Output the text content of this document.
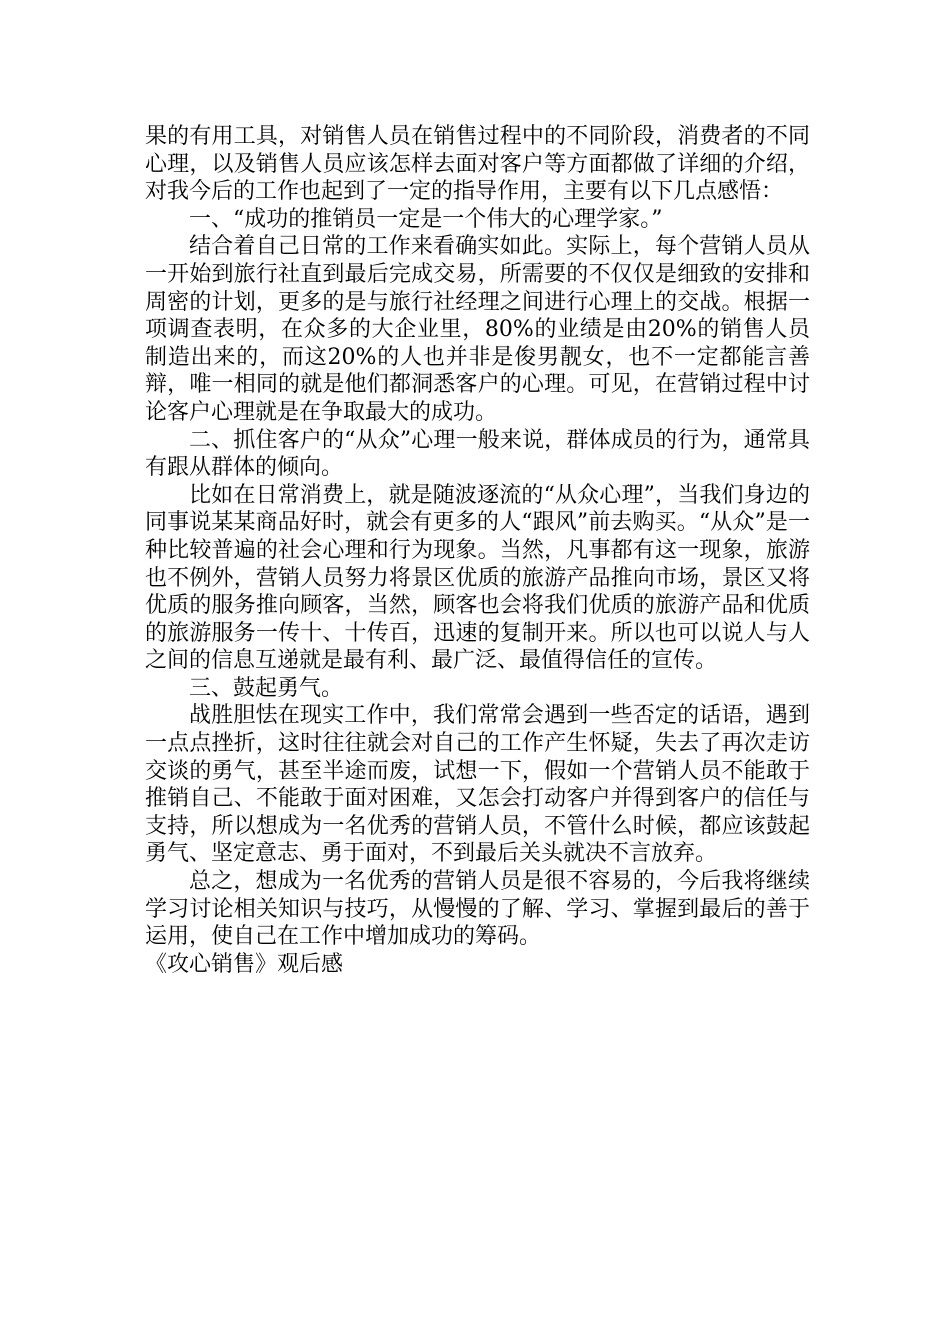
果的有用工具，对销售人员在销售过程中的不同阶段，消费者的不同心理，以及销售人员应该怎样去面对客户等方面都做了详细的介绍，对我今后的工作也起到了一定的指导作用，主要有以下几点感悟：

一、“成功的推销员一定是一个伟大的心理学家。”

结合着自己日常的工作来看确实如此。实际上，每个营销人员从一开始到旅行社直到最后完成交易，所需要的不仅仅是细致的安排和周密的计划，更多的是与旅行社经理之间进行心理上的交战。根据一项调查表明，在众多的大企业里，80%的业绩是由20%的销售人员制造出来的，而这20%的人也并非是俊男靓女，也不一定都能言善辩，唯一相同的就是他们都洞悉客户的心理。可见，在营销过程中讨论客户心理就是在争取最大的成功。

二、抓住客户的“从众”心理一般来说，群体成员的行为，通常具有跟从群体的倾向。

比如在日常消费上，就是随波逐流的“从众心理”，当我们身边的同事说某某商品好时，就会有更多的人“跟风”前去购买。“从众”是一种比较普遍的社会心理和行为现象。当然，凡事都有这一现象，旅游也不例外，营销人员努力将景区优质的旅游产品推向市场，景区又将优质的服务推向顾客，当然，顾客也会将我们优质的旅游产品和优质的旅游服务一传十、十传百，迅速的复制开来。所以也可以说人与人之间的信息互递就是最有利、最广泛、最值得信任的宣传。

三、鼓起勇气。

战胜胆怯在现实工作中，我们常常会遇到一些否定的话语，遇到一点点挫折，这时往往就会对自己的工作产生怀疑，失去了再次走访交谈的勇气，甚至半途而废，试想一下，假如一个营销人员不能敢于推销自己、不能敢于面对困难，又怎会打动客户并得到客户的信任与支持，所以想成为一名优秀的营销人员，不管什么时候，都应该鼓起勇气、坚定意志、勇于面对，不到最后关头就决不言放弃。

总之，想成为一名优秀的营销人员是很不容易的，今后我将继续学习讨论相关知识与技巧，从慢慢的了解、学习、掌握到最后的善于运用，使自己在工作中增加成功的筹码。

《攻心销售》观后感
